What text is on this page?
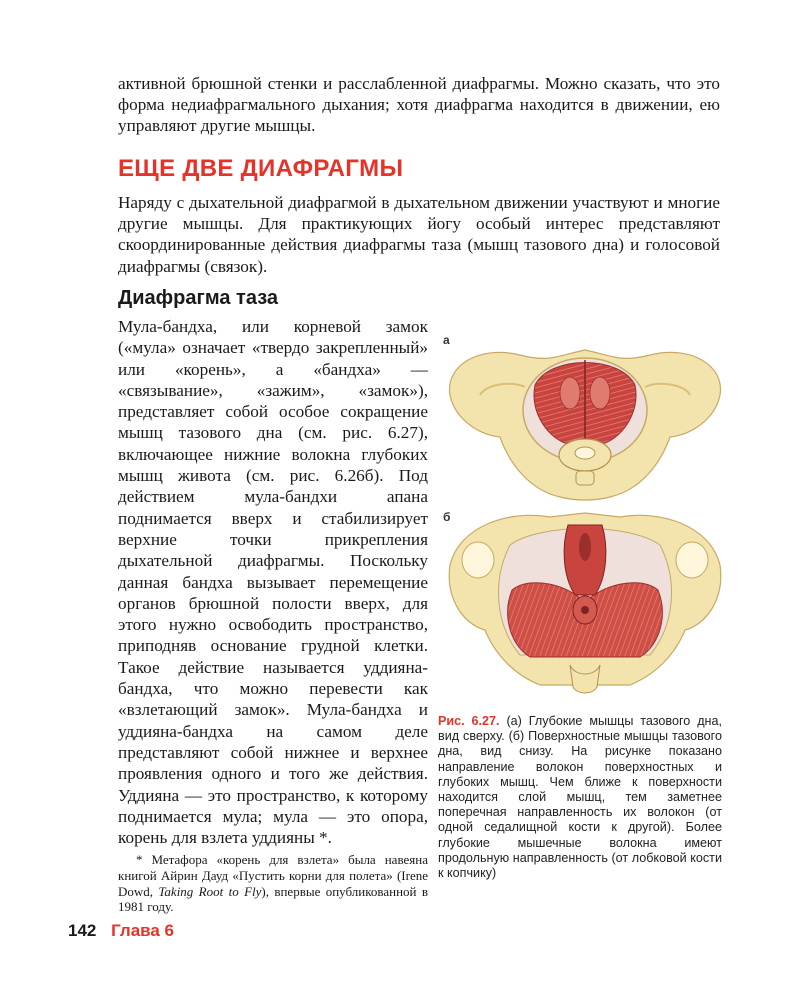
активной брюшной стенки и расслабленной диафрагмы. Можно сказать, что это форма недиафрагмального дыхания; хотя диафрагма находится в движении, ею управляют другие мышцы.

ЕЩЕ ДВЕ ДИАФРАГМЫ

Наряду с дыхательной диафрагмой в дыхательном движении участвуют и многие другие мышцы. Для практикующих йогу особый интерес представляют скоординированные действия диафрагмы таза (мышц тазового дна) и голосовой диафрагмы (связок).

Диафрагма таза

Мула-бандха, или корневой замок («мула» означает «твердо закрепленный» или «корень», а «бандха» — «связывание», «зажим», «замок»), представляет собой особое сокращение мышц тазового дна (см. рис. 6.27), включающее нижние волокна глубоких мышц живота (см. рис. 6.26б). Под действием мула-бандхи апана поднимается вверх и стабилизирует верхние точки прикрепления дыхательной диафрагмы. Поскольку данная бандха вызывает перемещение органов брюшной полости вверх, для этого нужно освободить пространство, приподняв основание грудной клетки. Такое действие называется уддияна-бандха, что можно перевести как «взлетающий замок». Мула-бандха и уддияна-бандха на самом деле представляют собой нижнее и верхнее проявления одного и того же действия. Уддияна — это пространство, к которому поднимается мула; мула — это опора, корень для взлета уддияны *.

* Метафора «корень для взлета» была навеяна книгой Айрин Дауд «Пустить корни для полета» (Irene Dowd, Taking Root to Fly), впервые опубликованной в 1981 году.

а
б

Рис. 6.27. (а) Глубокие мышцы тазового дна, вид сверху. (б) Поверхностные мышцы тазового дна, вид снизу. На рисунке показано направление волокон поверхностных и глубоких мышц. Чем ближе к поверхности находится слой мышц, тем заметнее поперечная направленность их волокон (от одной седалищной кости к другой). Более глубокие мышечные волокна имеют продольную направленность (от лобковой кости к копчику)

142 Глава 6
